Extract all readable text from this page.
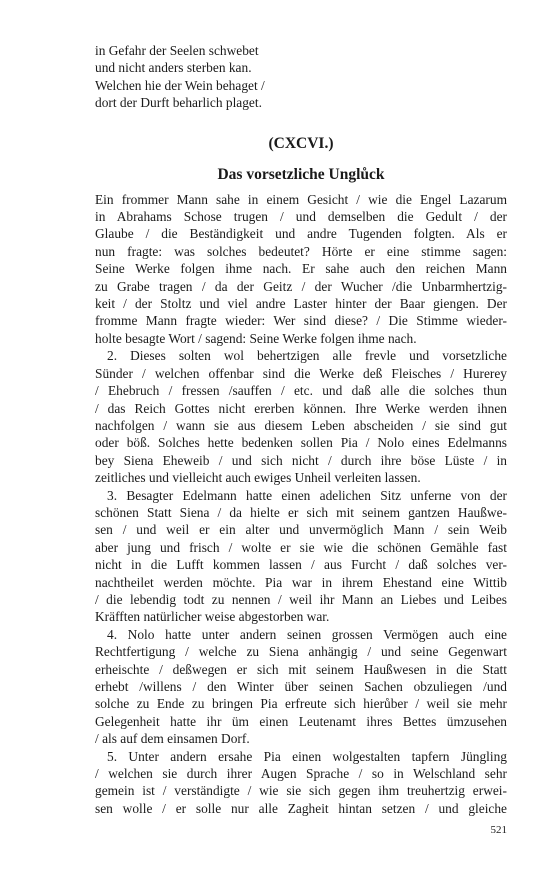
in Gefahr der Seelen schwebet
und nicht anders sterben kan.
Welchen hie der Wein behaget /
dort der Durft beharlich plaget.
(CXCVI.)
Das vorsetzliche Unglůck
Ein frommer Mann sahe in einem Gesicht / wie die Engel Lazarum
in Abrahams Schose trugen / und demselben die Gedult / der
Glaube / die Beständigkeit und andre Tugenden folgten. Als er
nun fragte: was solches bedeutet? Hörte er eine stimme sagen:
Seine Werke folgen ihme nach. Er sahe auch den reichen Mann
zu Grabe tragen / da der Geitz / der Wucher /die Unbarmhertzig-
keit / der Stoltz und viel andre Laster hinter der Baar giengen. Der
fromme Mann fragte wieder: Wer sind diese? / Die Stimme wieder-
holte besagte Wort / sagend: Seine Werke folgen ihme nach.
2. Dieses solten wol behertzigen alle frevle und vorsetzliche
Sünder / welchen offenbar sind die Werke deß Fleisches / Hurerey
/ Ehebruch / fressen /sauffen / etc. und daß alle die solches thun
/ das Reich Gottes nicht ererben können. Ihre Werke werden ihnen
nachfolgen / wann sie aus diesem Leben abscheiden / sie sind gut
oder böß. Solches hette bedenken sollen Pia / Nolo eines Edelmanns
bey Siena Eheweib / und sich nicht / durch ihre böse Lüste / in
zeitliches und vielleicht auch ewiges Unheil verleiten lassen.
3. Besagter Edelmann hatte einen adelichen Sitz unferne von der
schönen Statt Siena / da hielte er sich mit seinem gantzen Haußwe-
sen / und weil er ein alter und unvermöglich Mann / sein Weib
aber jung und frisch / wolte er sie wie die schönen Gemähle fast
nicht in die Lufft kommen lassen / aus Furcht / daß solches ver-
nachtheilet werden möchte. Pia war in ihrem Ehestand eine Wittib
/ die lebendig todt zu nennen / weil ihr Mann an Liebes und Leibes
Kräfften natürlicher weise abgestorben war.
4. Nolo hatte unter andern seinen grossen Vermögen auch eine
Rechtfertigung / welche zu Siena anhängig / und seine Gegenwart
erheischte / deßwegen er sich mit seinem Haußwesen in die Statt
erhebt /willens / den Winter über seinen Sachen obzuliegen /und
solche zu Ende zu bringen Pia erfreute sich hierůber / weil sie mehr
Gelegenheit hatte ihr üm einen Leutenamt ihres Bettes ümzusehen
/ als auf dem einsamen Dorf.
5. Unter andern ersahe Pia einen wolgestalten tapfern Jüngling
/ welchen sie durch ihrer Augen Sprache / so in Welschland sehr
gemein ist / verständigte / wie sie sich gegen ihm treuhertzig erwei-
sen wolle / er solle nur alle Zagheit hintan setzen / und gleiche
521
